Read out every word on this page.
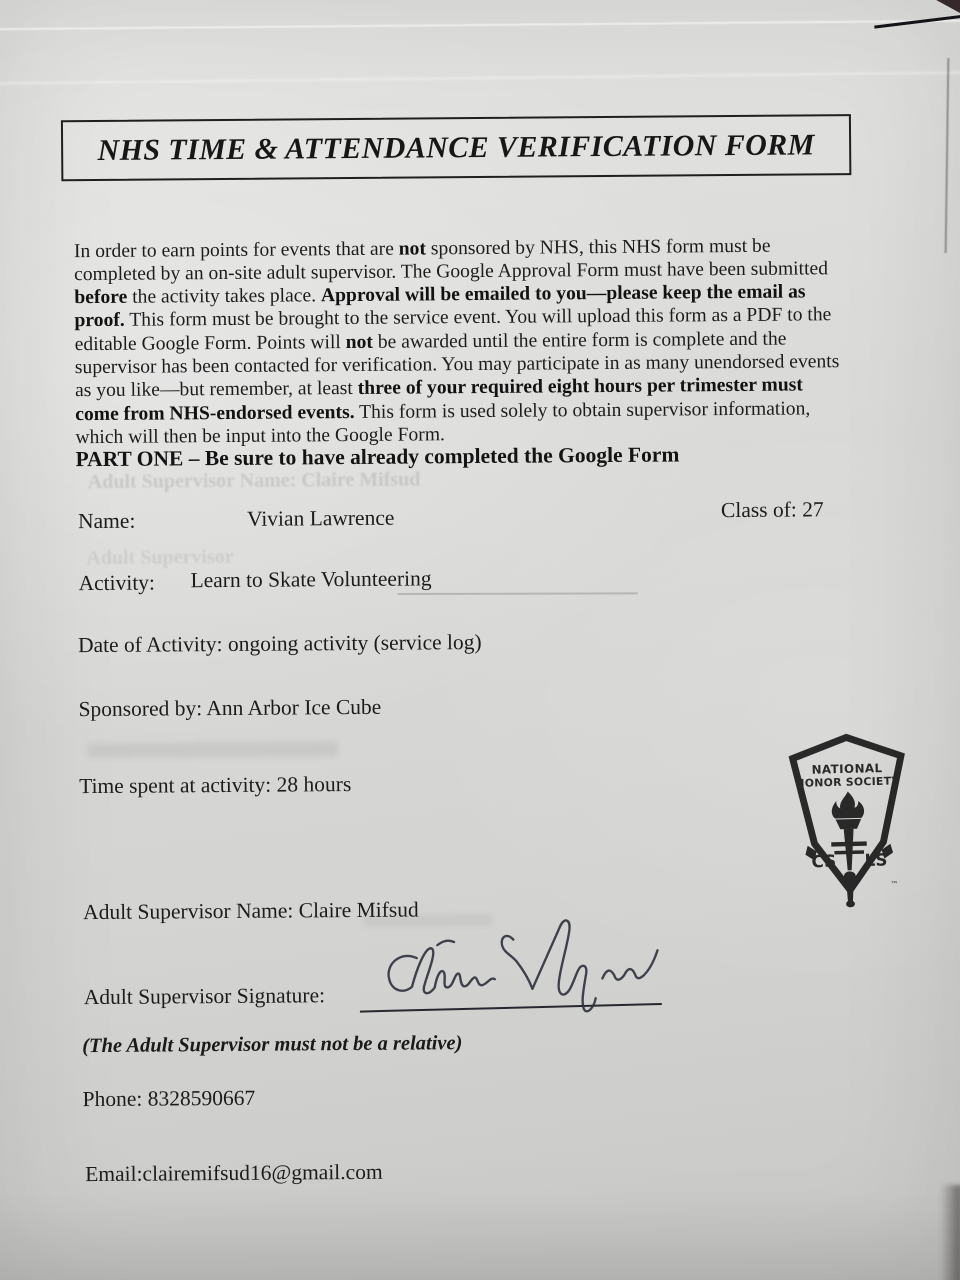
NHS TIME & ATTENDANCE VERIFICATION FORM

In order to earn points for events that are not sponsored by NHS, this NHS form must be completed by an on-site adult supervisor. The Google Approval Form must have been submitted before the activity takes place. Approval will be emailed to you—please keep the email as proof. This form must be brought to the service event. You will upload this form as a PDF to the editable Google Form. Points will not be awarded until the entire form is complete and the supervisor has been contacted for verification. You may participate in as many unendorsed events as you like—but remember, at least three of your required eight hours per trimester must come from NHS-endorsed events. This form is used solely to obtain supervisor information, which will then be input into the Google Form.

PART ONE – Be sure to have already completed the Google Form
Adult Supervisor Name: Claire Mifsud
Adult Supervisor
Name:	Vivian Lawrence	Class of: 27
Activity: Learn to Skate Volunteering
Date of Activity: ongoing activity (service log)
Sponsored by: Ann Arbor Ice Cube
Time spent at activity: 28 hours
NATIONAL
HONOR SOCIETY
CS LS
™
Adult Supervisor Name: Claire Mifsud
Adult Supervisor Signature:
(The Adult Supervisor must not be a relative)
Phone: 8328590667
Email:clairemifsud16@gmail.com
